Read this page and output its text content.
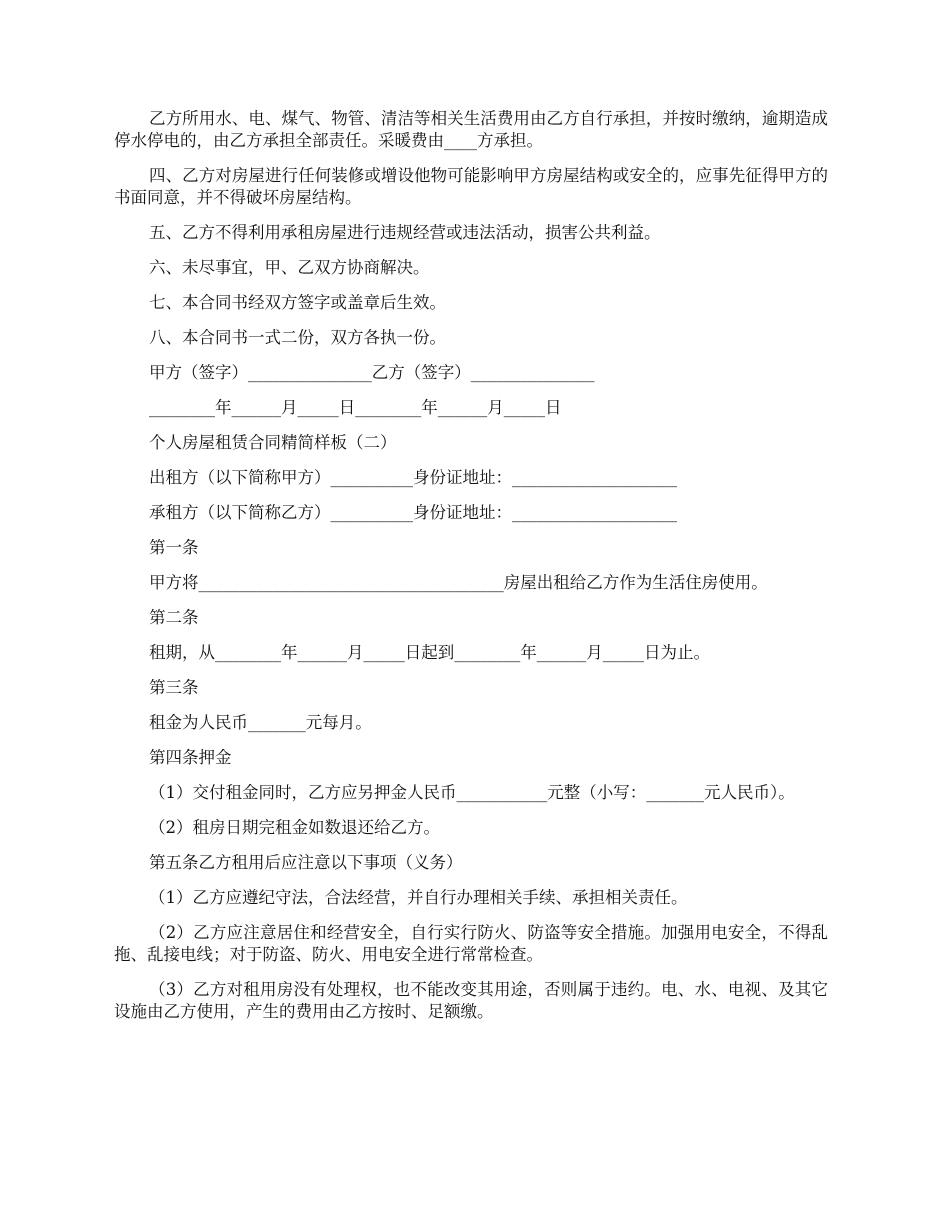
乙方所用水、电、煤气、物管、清洁等相关生活费用由乙方自行承担，并按时缴纳，逾期造成停水停电的，由乙方承担全部责任。采暖费由____方承担。

四、乙方对房屋进行任何装修或增设他物可能影响甲方房屋结构或安全的，应事先征得甲方的书面同意，并不得破坏房屋结构。

五、乙方不得利用承租房屋进行违规经营或违法活动，损害公共利益。

六、未尽事宜，甲、乙双方协商解决。

七、本合同书经双方签字或盖章后生效。

八、本合同书一式二份，双方各执一份。

甲方（签字）_______________乙方（签字）_______________

________年______月_____日________年______月_____日

个人房屋租赁合同精简样板（二）

出租方（以下简称甲方）__________身份证地址：____________________

承租方（以下简称乙方）__________身份证地址：____________________

第一条

甲方将_____________________________________房屋出租给乙方作为生活住房使用。

第二条

租期，从________年______月_____日起到________年______月_____日为止。

第三条

租金为人民币_______元每月。

第四条押金

（1）交付租金同时，乙方应另押金人民币___________元整（小写：_______元人民币）。

（2）租房日期完租金如数退还给乙方。

第五条乙方租用后应注意以下事项（义务）

（1）乙方应遵纪守法，合法经营，并自行办理相关手续、承担相关责任。

（2）乙方应注意居住和经营安全，自行实行防火、防盗等安全措施。加强用电安全，不得乱拖、乱接电线；对于防盗、防火、用电安全进行常常检查。

（3）乙方对租用房没有处理权，也不能改变其用途，否则属于违约。电、水、电视、及其它设施由乙方使用，产生的费用由乙方按时、足额缴。
